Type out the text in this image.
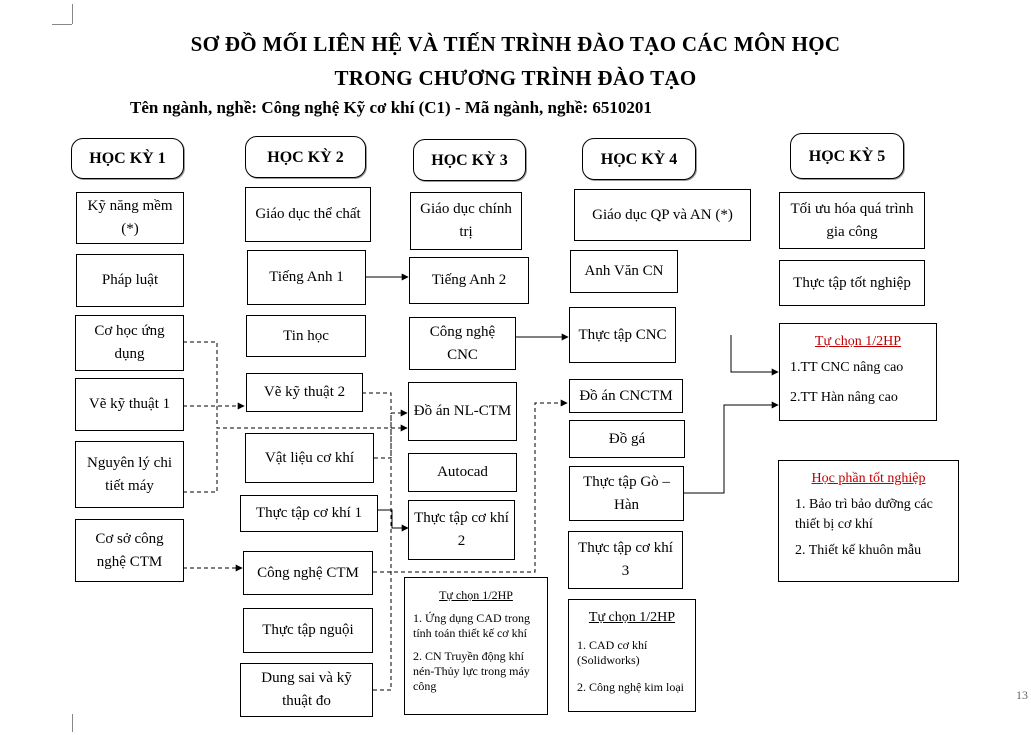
SƠ ĐỒ MỐI LIÊN HỆ VÀ TIẾN TRÌNH ĐÀO TẠO CÁC MÔN HỌC
TRONG CHƯƠNG TRÌNH ĐÀO TẠO
Tên ngành, nghề: Công nghệ Kỹ cơ khí (C1) - Mã ngành, nghề: 6510201
HỌC KỲ 1	HỌC KỲ 2	HỌC KỲ 3	HỌC KỲ 4	HỌC KỲ 5
Kỹ năng mềm (*)
Pháp luật
Cơ học ứng dụng
Vẽ kỹ thuật 1
Nguyên lý chi tiết máy
Cơ sở công nghệ CTM
Giáo dục thể chất
Tiếng Anh 1
Tin học
Vẽ kỹ thuật 2
Vật liệu cơ khí
Thực tập cơ khí 1
Công nghệ CTM
Thực tập nguội
Dung sai và kỹ thuật đo
Giáo dục chính trị
Tiếng Anh 2
Công nghệ CNC
Đồ án NL-CTM
Autocad
Thực tập cơ khí 2
Tự chọn 1/2HP
1. Ứng dụng CAD trong tính toán thiết kế cơ khí
2. CN Truyền động khí nén-Thủy lực trong máy công
Giáo dục QP và AN (*)
Anh Văn CN
Thực tập CNC
Đồ án CNCTM
Đồ gá
Thực tập Gò – Hàn
Thực tập cơ khí 3
Tự chọn 1/2HP
1. CAD cơ khí (Solidworks)
2. Công nghệ kim loại
Tối ưu hóa quá trình gia công
Thực tập tốt nghiệp
Tự chọn 1/2HP
1.TT CNC nâng cao
2.TT Hàn nâng cao
Học phần tốt nghiệp
1. Bảo trì bảo dưỡng các thiết bị cơ khí
2. Thiết kế khuôn mẫu
13
